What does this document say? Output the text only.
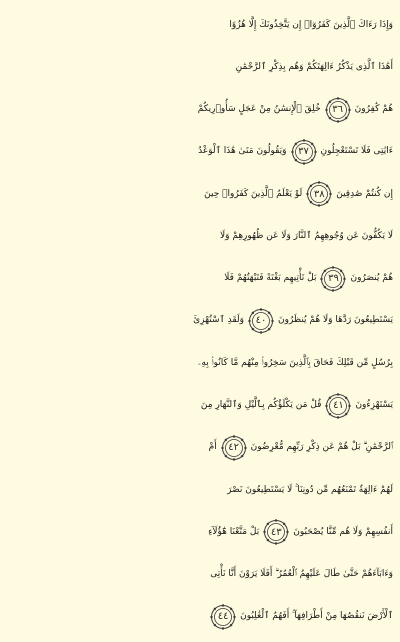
وَإِذَا رَءَاكَ ٱلَّذِينَ كَفَرُوٓا۟ إِن يَتَّخِذُونَكَ إِلَّا هُزُوًا
أَهَٰذَا ٱلَّذِى يَذْكُرُ ءَالِهَتَكُمْ وَهُم بِذِكْرِ ٱلرَّحْمَٰنِ
هُمْ كَٰفِرُونَ
٣٦
خُلِقَ ٱلْإِنسَٰنُ مِنْ عَجَلٍ سَأُو۟رِيكُمْ
ءَايَٰتِى فَلَا تَسْتَعْجِلُونِ
٣٧
وَيَقُولُونَ مَتَىٰ هَٰذَا ٱلْوَعْدُ
إِن كُنتُمْ صَٰدِقِينَ
٣٨
لَوْ يَعْلَمُ ٱلَّذِينَ كَفَرُوا۟ حِينَ
لَا يَكُفُّونَ عَن وُجُوهِهِمُ ٱلنَّارَ وَلَا عَن ظُهُورِهِمْ وَلَا
هُمْ يُنصَرُونَ
٣٩
بَلْ تَأْتِيهِم بَغْتَةً فَتَبْهَتُهُمْ فَلَا
يَسْتَطِيعُونَ رَدَّهَا وَلَا هُمْ يُنظَرُونَ
٤٠
وَلَقَدِ ٱسْتُهْزِئَ
بِرُسُلٍ مِّن قَبْلِكَ فَحَاقَ بِٱلَّذِينَ سَخِرُوا۟ مِنْهُم مَّا كَانُوا۟ بِهِۦ
يَسْتَهْزِءُونَ
٤١
قُلْ مَن يَكْلَؤُكُم بِٱلَّيْلِ وَٱلنَّهَارِ مِنَ
ٱلرَّحْمَٰنِ ۗ بَلْ هُمْ عَن ذِكْرِ رَبِّهِم مُّعْرِضُونَ
٤٢
أَمْ
لَهُمْ ءَالِهَةٌ تَمْنَعُهُم مِّن دُونِنَا ۚ لَا يَسْتَطِيعُونَ نَصْرَ
أَنفُسِهِمْ وَلَا هُم مِّنَّا يُصْحَبُونَ
٤٣
بَلْ مَتَّعْنَا هَٰٓؤُلَآءِ
وَءَابَآءَهُمْ حَتَّىٰ طَالَ عَلَيْهِمُ ٱلْعُمُرُ ۗ أَفَلَا يَرَوْنَ أَنَّا نَأْتِى
ٱلْأَرْضَ نَنقُصُهَا مِنْ أَطْرَافِهَآ ۚ أَفَهُمُ ٱلْغَٰلِبُونَ
٤٤
